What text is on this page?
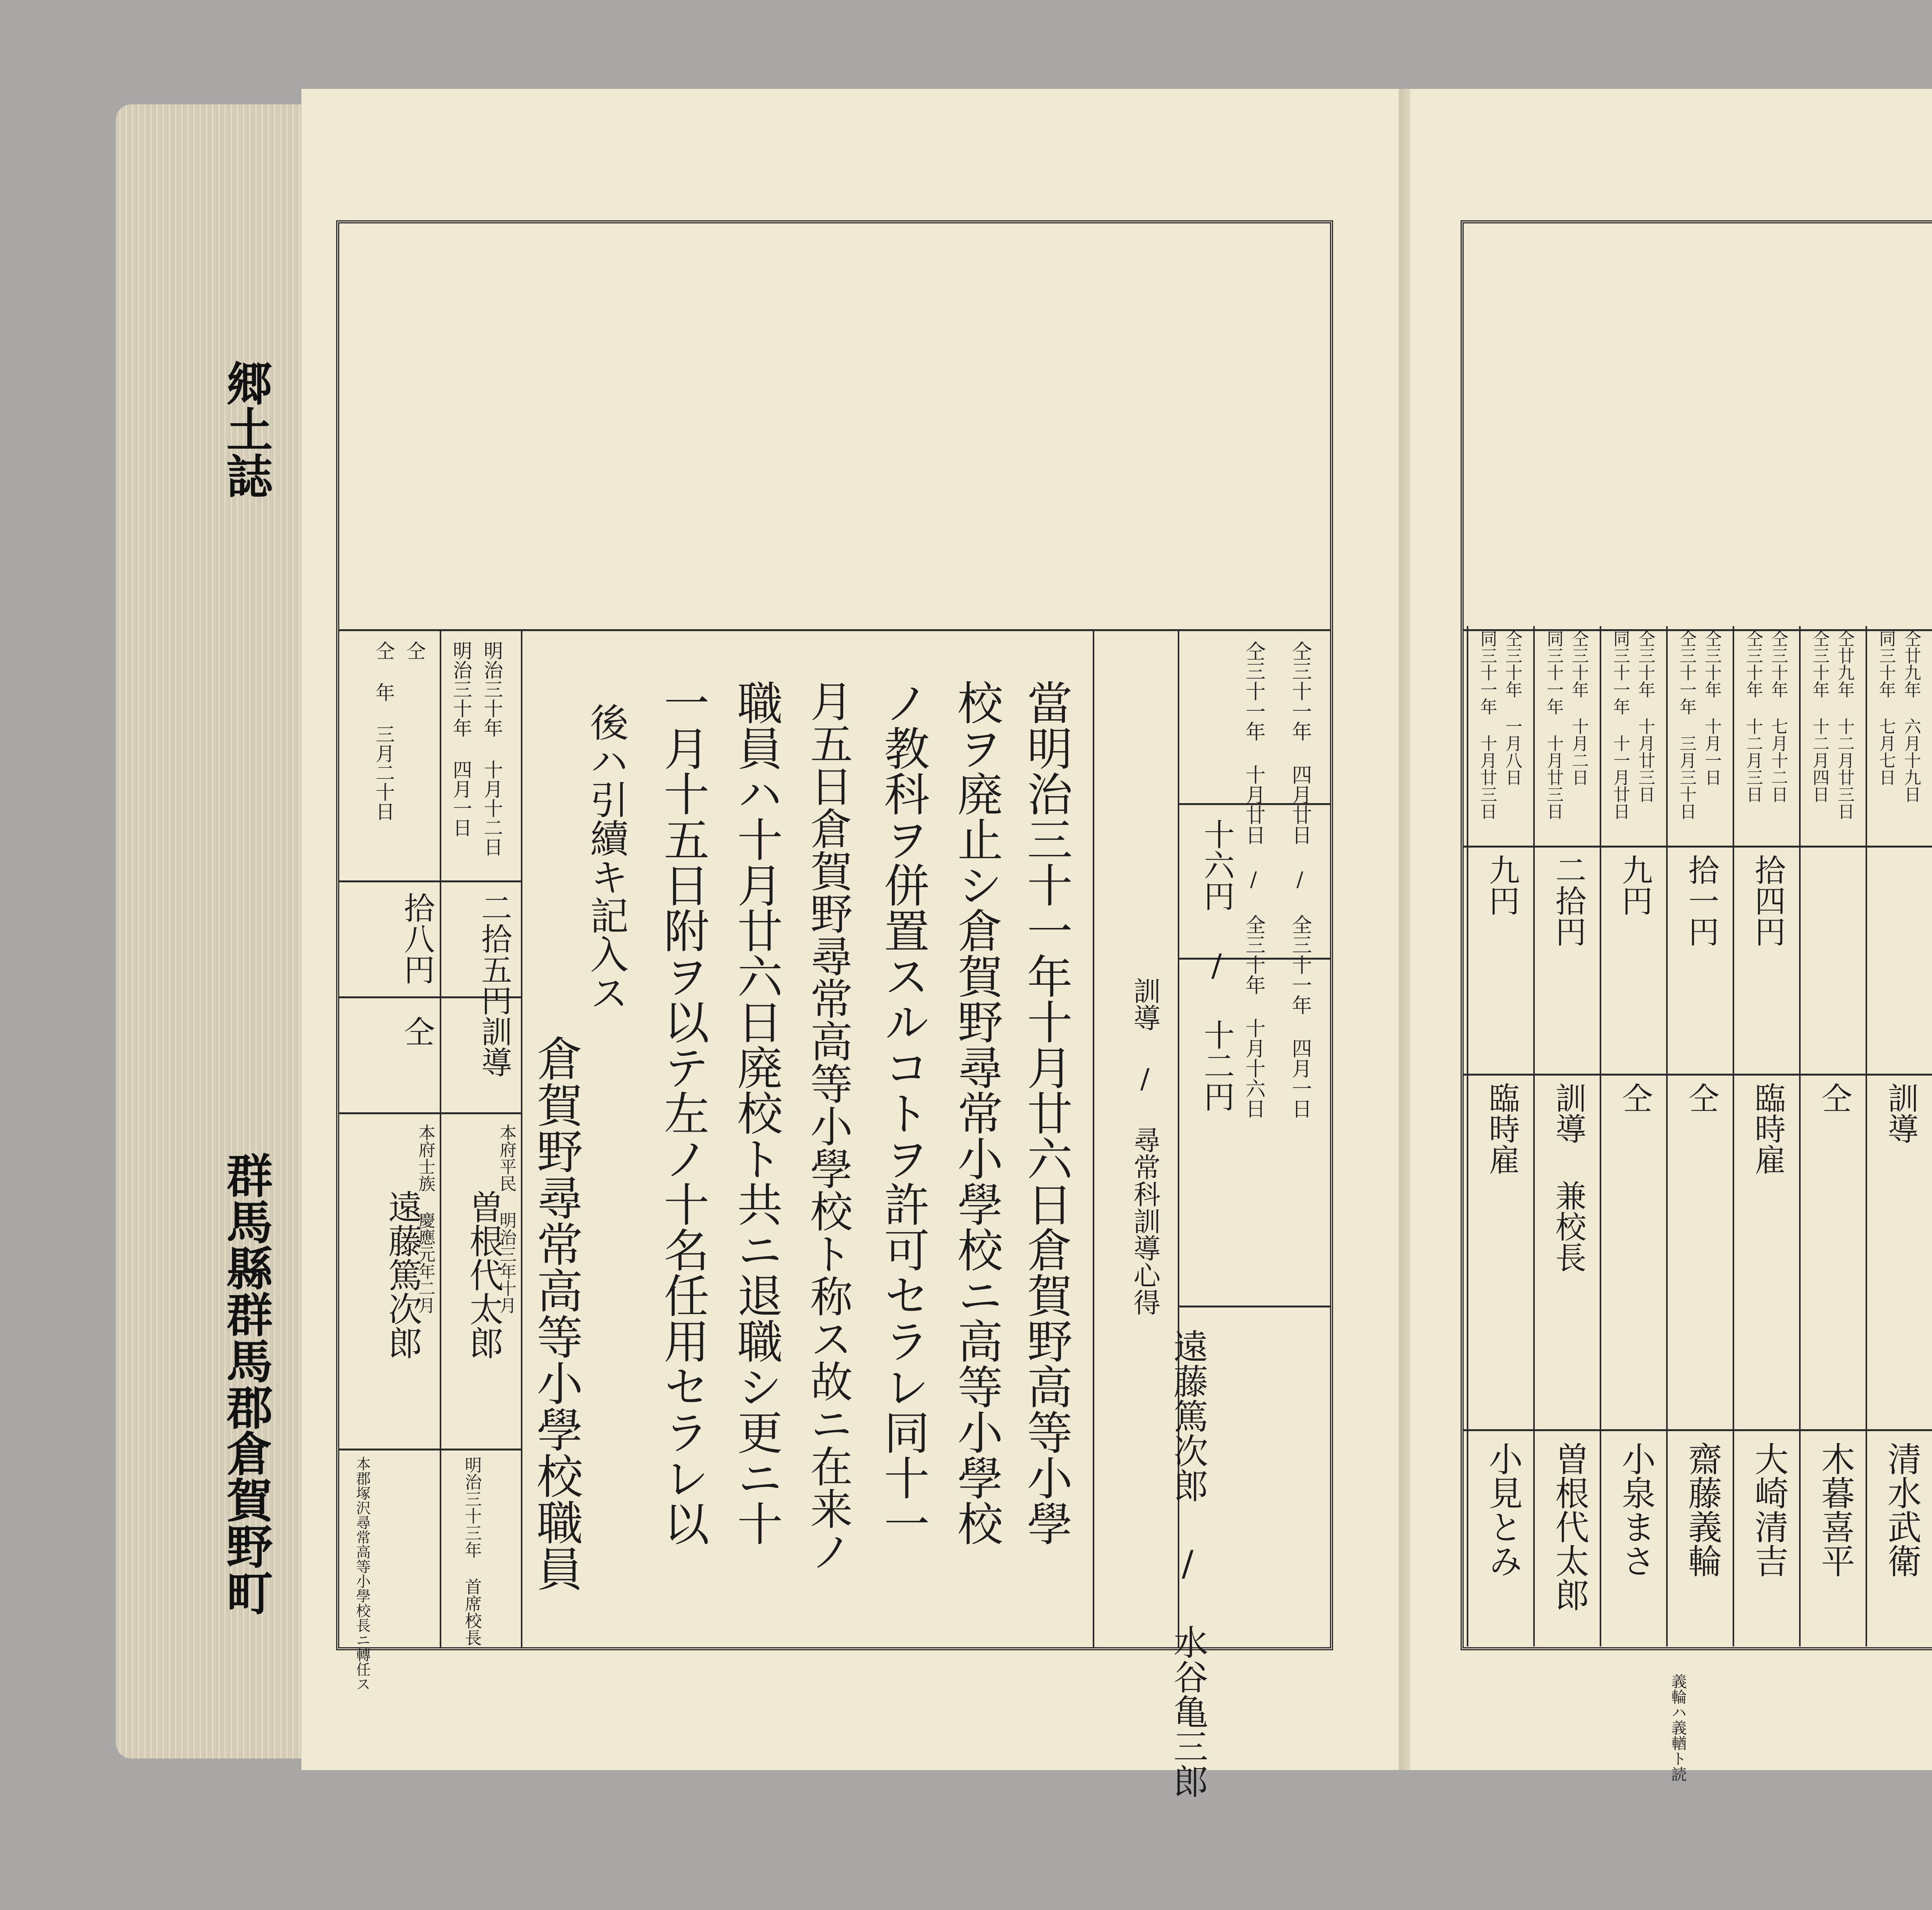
仝三十一年 四月廿日 / 全三十一年 四月一日
仝三十一年 十月廿日 / 全三十年 十月十六日
十六円 / 十二円
訓導 / 尋常科訓導心得
遠藤篤次郎 / 水谷亀三郎
當明治三十一年十月廿六日倉賀野高等小學
校ヲ廃止シ倉賀野尋常小學校ニ高等小學校
ノ教科ヲ併置スルコトヲ許可セラレ同十一
月五日倉賀野尋常高等小學校ト称ス故ニ在来ノ
職員ハ十月廿六日廃校ト共ニ退職シ更ニ十
一月十五日附ヲ以テ左ノ十名任用セラレ以
後ハ引續キ記入ス
倉賀野尋常高等小學校職員
明治三十年 十月十二日
明治三十年 四月一日
二拾五円
訓導
本府平民 明治三年十月
曽根代太郎
明治三十三年 首席校長
仝
仝 年 三月二十日
拾八円
仝
本府士族 慶應元年二月
遠藤篤次郎
本郡塚沢尋常高等小學校長ニ轉任ス
郷土誌
群馬縣群馬郡倉賀野町
仝廿九年 六月十九日
同三十年 七月七日
訓導
清水武衛
仝廿九年 十二月廿三日
仝三十年 十二月四日
仝
木暮喜平
仝三十年 七月十二日
仝三十年 十二月三日
拾四円
臨時雇
大崎清吉
仝三十年 十月一日
仝三十一年 三月三十日
拾一円
仝
齋藤義輪
義輪ハ義輶ト読
仝三十年 十月廿三日
同三十一年 十一月廿日
九円
仝
小泉まさ
仝三十年 十月二日
同三十一年 十月廿三日
二拾円
訓導 兼校長
曽根代太郎
仝三十年 一月八日
同三十一年 十月廿三日
九円
臨時雇
小見とみ
